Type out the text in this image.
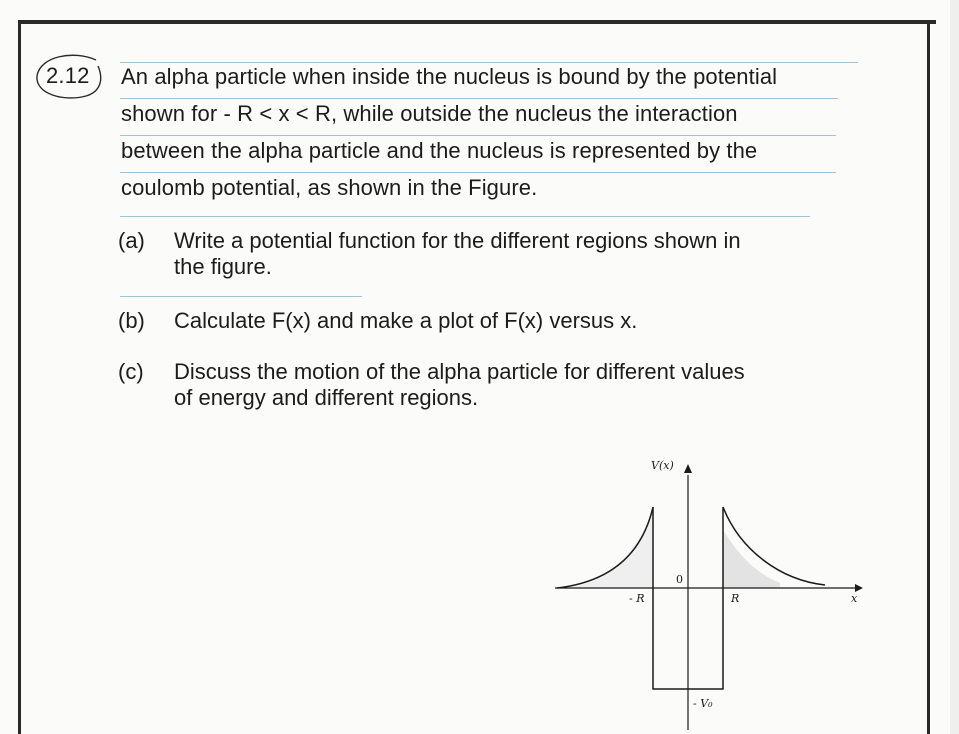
2.12 An alpha particle when inside the nucleus is bound by the potential
shown for - R < x < R, while outside the nucleus the interaction
between the alpha particle and the nucleus is represented by the
coulomb potential, as shown in the Figure.
(a) Write a potential function for the different regions shown in
the figure.
(b) Calculate F(x) and make a plot of F(x) versus x.
(c) Discuss the motion of the alpha particle for different values
of energy and different regions.
V(x)
x
0
- R	R
- V₀
